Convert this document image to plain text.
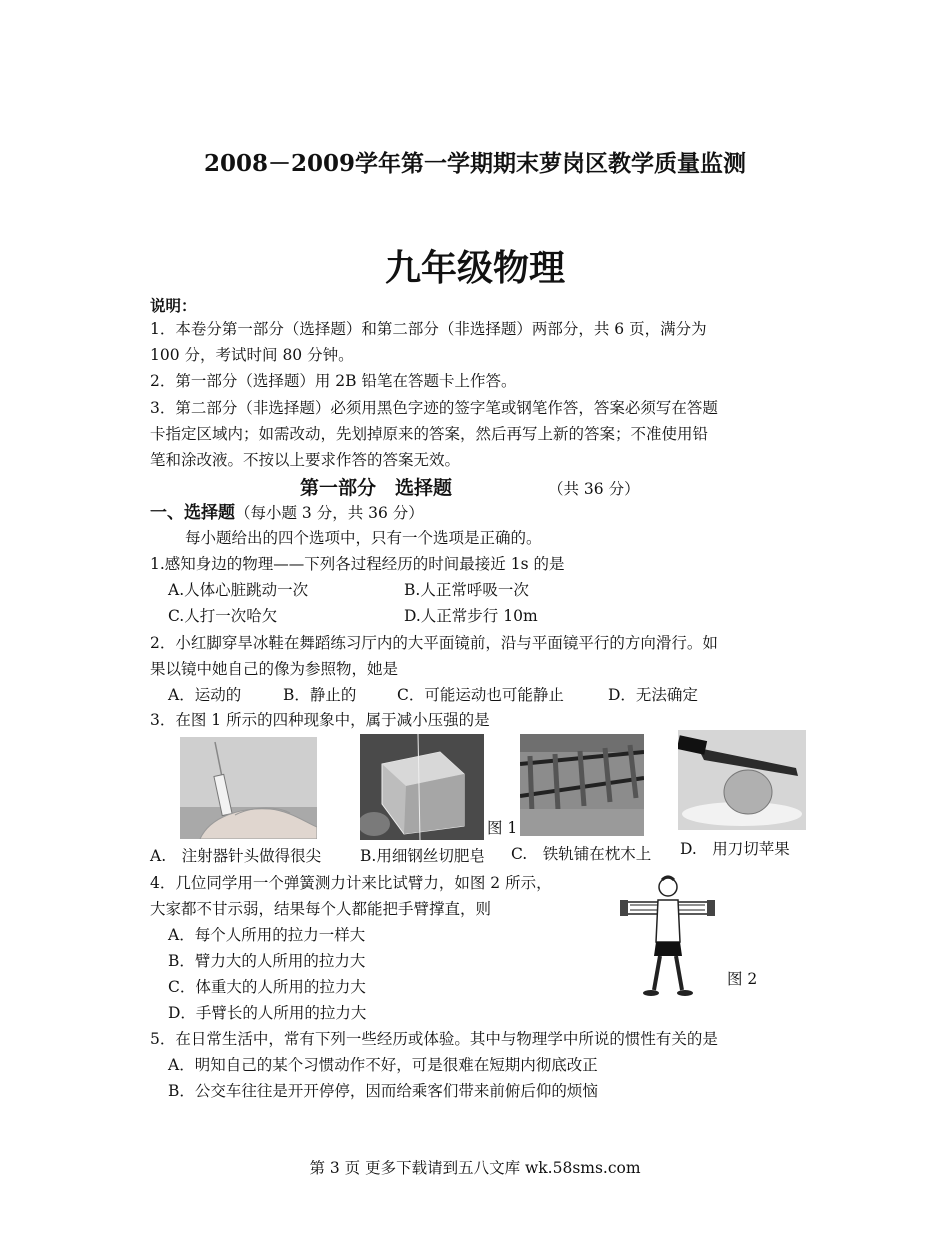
2008－2009学年第一学期期末萝岗区教学质量监测
九年级物理
说明：
1．本卷分第一部分（选择题）和第二部分（非选择题）两部分，共 6 页，满分为
100 分，考试时间 80 分钟。
2．第一部分（选择题）用 2B 铅笔在答题卡上作答。
3．第二部分（非选择题）必须用黑色字迹的签字笔或钢笔作答，答案必须写在答题
卡指定区域内；如需改动，先划掉原来的答案，然后再写上新的答案；不准使用铅
笔和涂改液。不按以上要求作答的答案无效。
第一部分　选择题	（共 36 分）
一、选择题（每小题 3 分，共 36 分）
每小题给出的四个选项中，只有一个选项是正确的。
1.感知身边的物理——下列各过程经历的时间最接近 1s 的是
A.人体心脏跳动一次	B.人正常呼吸一次
C.人打一次哈欠	D.人正常步行 10m
2．小红脚穿旱冰鞋在舞蹈练习厅内的大平面镜前，沿与平面镜平行的方向滑行。如
果以镜中她自己的像为参照物，她是
A．运动的	B．静止的	C．可能运动也可能静止	D．无法确定
3．在图 1 所示的四种现象中，属于减小压强的是
图 1
A.　注射器针头做得很尖	B.用细钢丝切肥皂 C.　铁轨铺在枕木上 D.　用刀切苹果
4．几位同学用一个弹簧测力计来比试臂力，如图 2 所示，
大家都不甘示弱，结果每个人都能把手臂撑直，则
A．每个人所用的拉力一样大
B．臂力大的人所用的拉力大
C．体重大的人所用的拉力大
D．手臂长的人所用的拉力大
图 2
5．在日常生活中，常有下列一些经历或体验。其中与物理学中所说的惯性有关的是
A．明知自己的某个习惯动作不好，可是很难在短期内彻底改正
B．公交车往往是开开停停，因而给乘客们带来前俯后仰的烦恼
第 3 页 更多下载请到五八文库 wk.58sms.com
